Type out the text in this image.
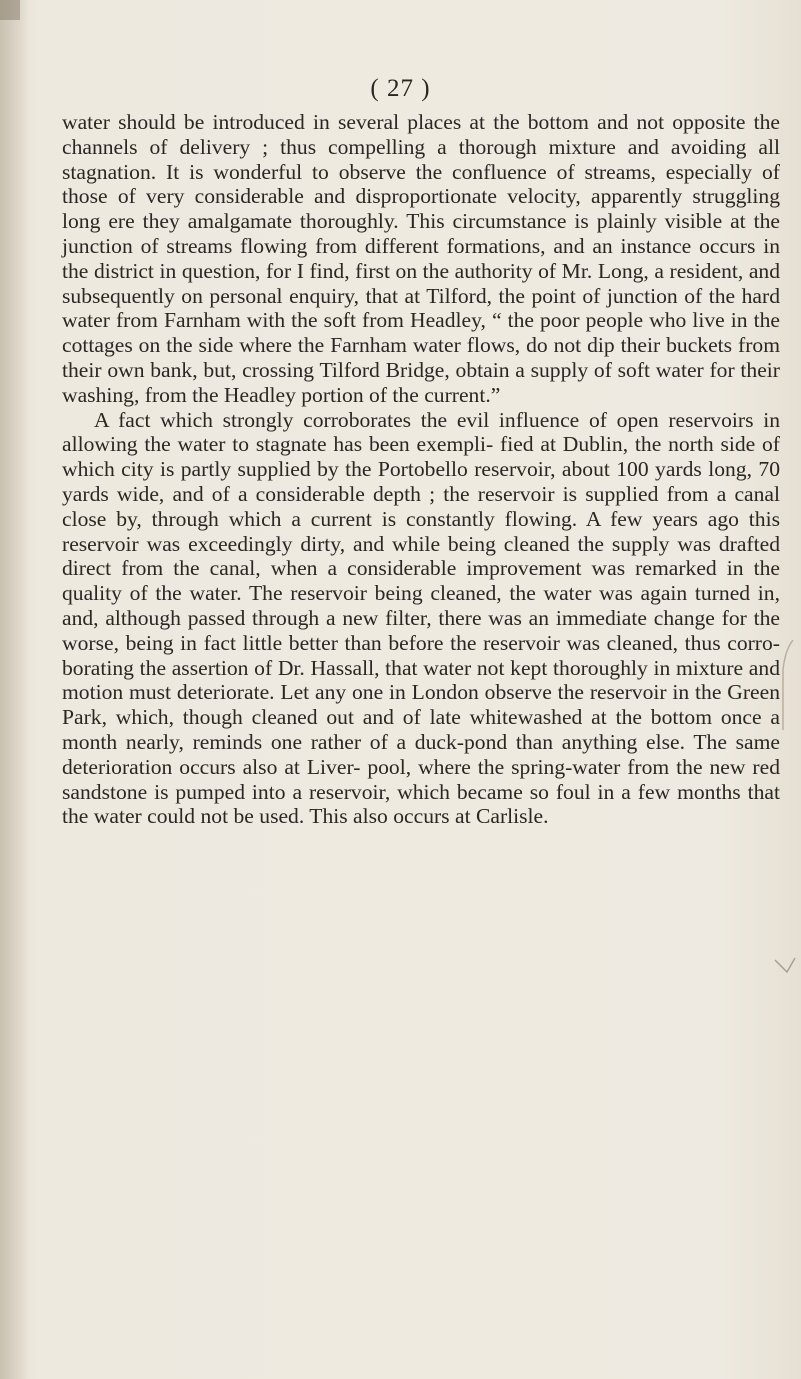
( 27 )

water should be introduced in several places at the bottom and not opposite the channels of delivery ; thus compelling a thorough mixture and avoiding all stagnation. It is wonderful to observe the confluence of streams, especially of those of very considerable and disproportionate velocity, apparently struggling long ere they amalgamate thoroughly. This circumstance is plainly visible at the junction of streams flowing from different formations, and an instance occurs in the district in question, for I find, first on the authority of Mr. Long, a resident, and subsequently on personal enquiry, that at Tilford, the point of junction of the hard water from Farnham with the soft from Headley, “ the poor people who live in the cottages on the side where the Farnham water flows, do not dip their buckets from their own bank, but, crossing Tilford Bridge, obtain a supply of soft water for their washing, from the Headley portion of the current.”

A fact which strongly corroborates the evil influence of open reservoirs in allowing the water to stagnate has been exempli- fied at Dublin, the north side of which city is partly supplied by the Portobello reservoir, about 100 yards long, 70 yards wide, and of a considerable depth ; the reservoir is supplied from a canal close by, through which a current is constantly flowing. A few years ago this reservoir was exceedingly dirty, and while being cleaned the supply was drafted direct from the canal, when a considerable improvement was remarked in the quality of the water. The reservoir being cleaned, the water was again turned in, and, although passed through a new filter, there was an immediate change for the worse, being in fact little better than before the reservoir was cleaned, thus corro- borating the assertion of Dr. Hassall, that water not kept thoroughly in mixture and motion must deteriorate. Let any one in London observe the reservoir in the Green Park, which, though cleaned out and of late whitewashed at the bottom once a month nearly, reminds one rather of a duck-pond than anything else. The same deterioration occurs also at Liver- pool, where the spring-water from the new red sandstone is pumped into a reservoir, which became so foul in a few months that the water could not be used. This also occurs at Carlisle.
